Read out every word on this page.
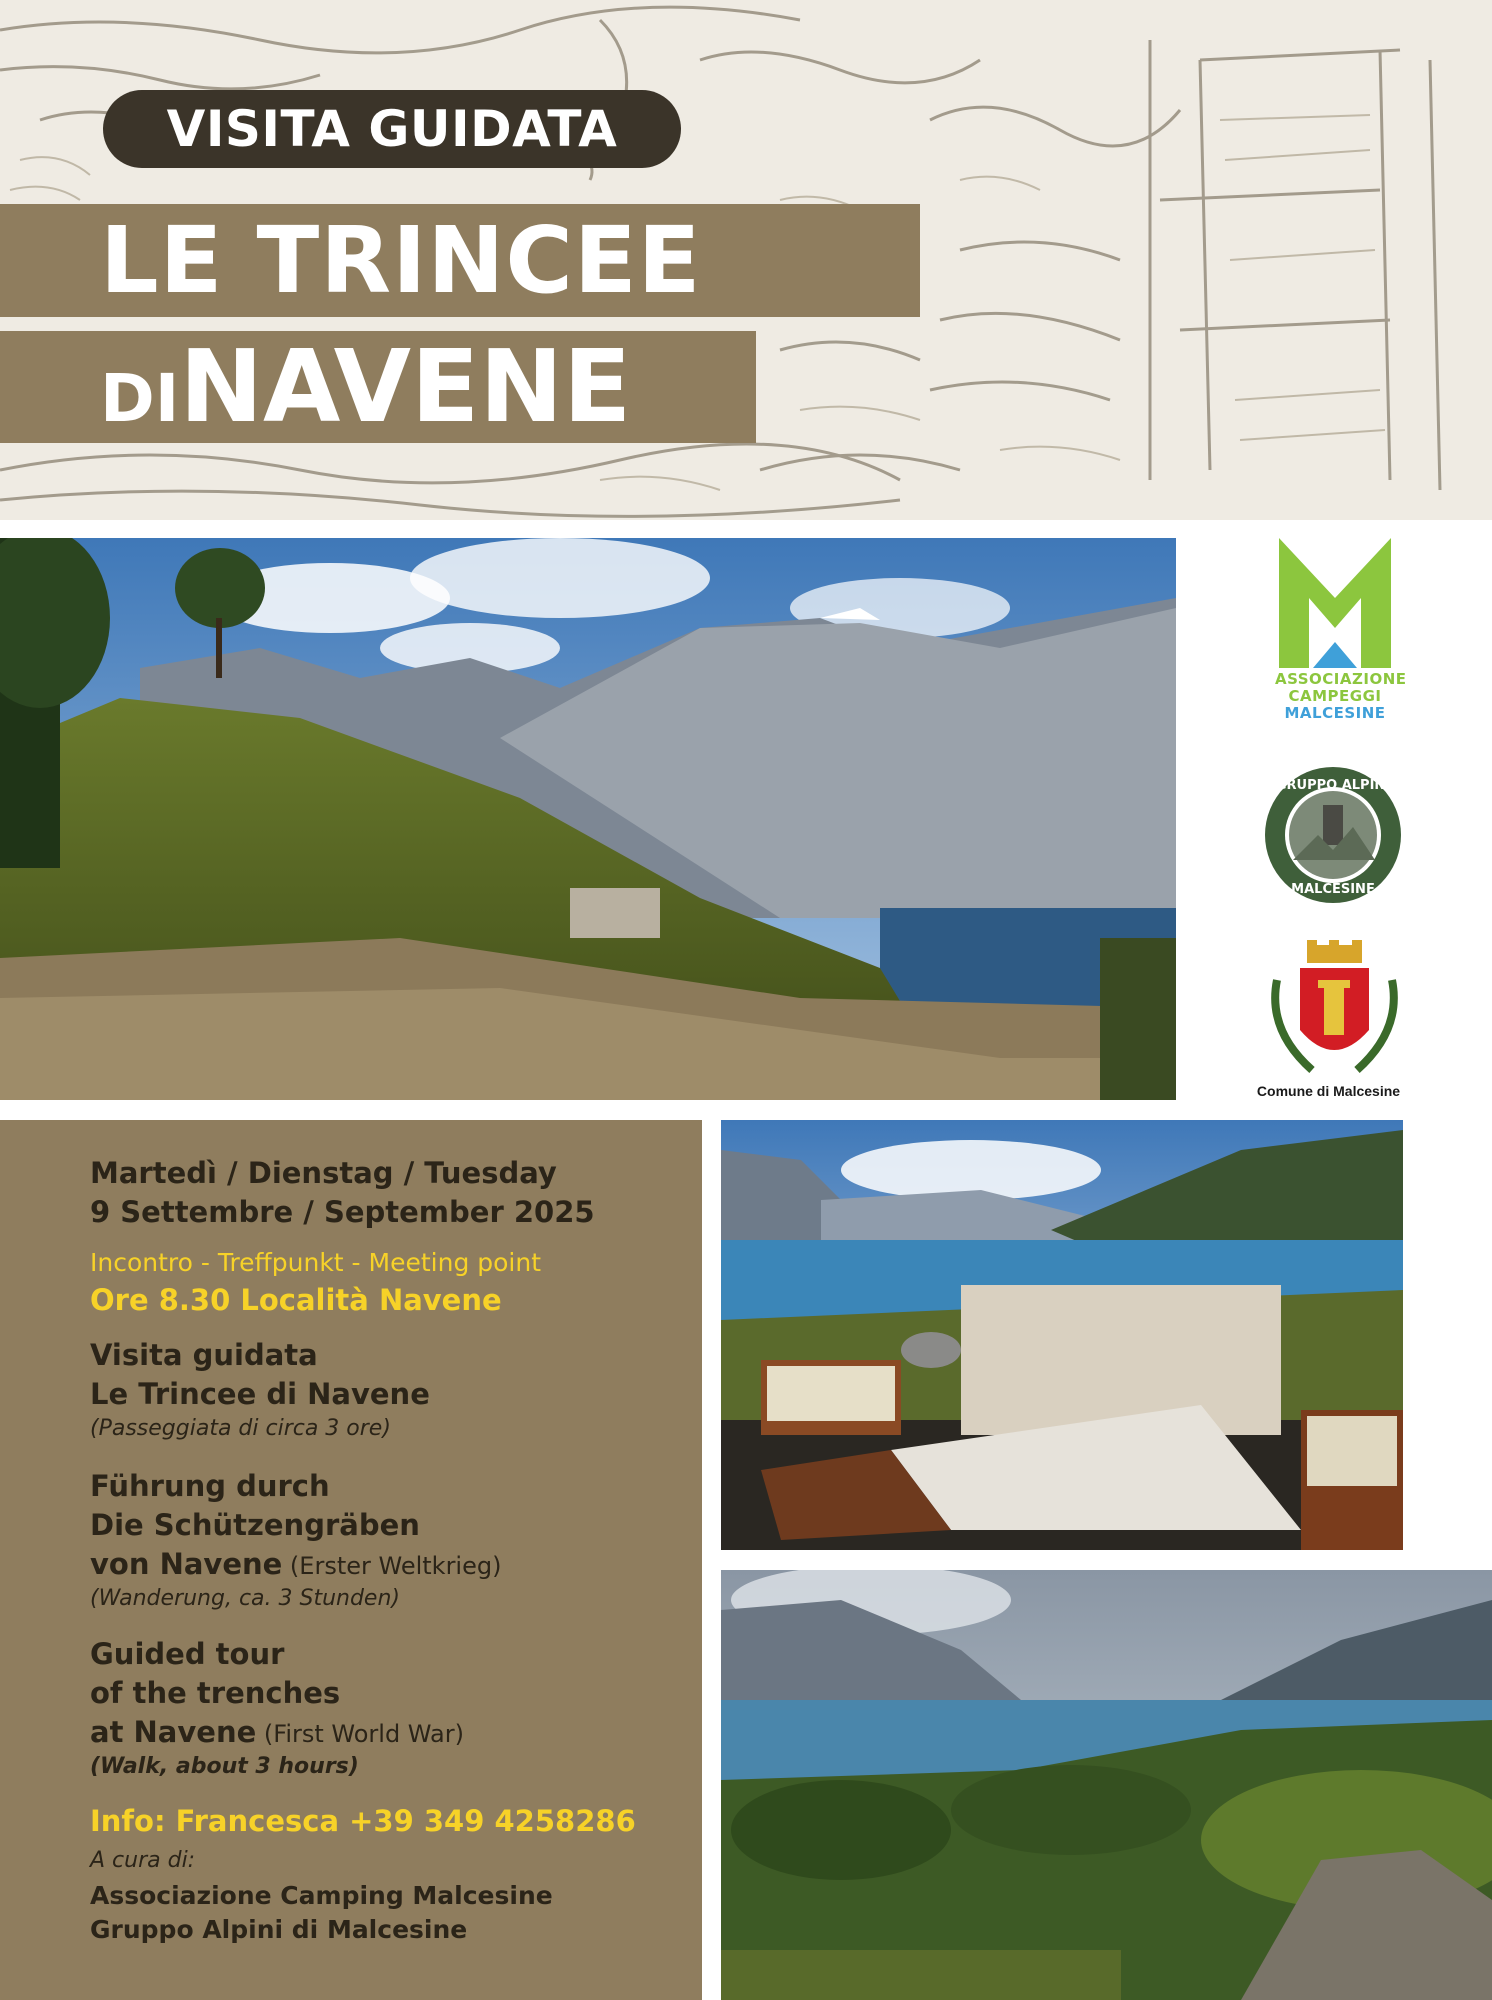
VISITA GUIDATA
LE TRINCEE
DINAVENE
ASSOCIAZIONE
CAMPEGGI
MALCESINE
GRUPPO ALPINI
MALCESINE
Comune di Malcesine
Martedì / Dienstag / Tuesday
9 Settembre / September 2025
Incontro - Treffpunkt - Meeting point
Ore 8.30 Località Navene
Visita guidata
Le Trincee di Navene
(Passeggiata di circa 3 ore)
Führung durch
Die Schützengräben
von Navene (Erster Weltkrieg)
(Wanderung, ca. 3 Stunden)
Guided tour
of the trenches
at Navene (First World War)
(Walk, about 3 hours)
Info: Francesca +39 349 4258286
A cura di:
Associazione Camping Malcesine
Gruppo Alpini di Malcesine
